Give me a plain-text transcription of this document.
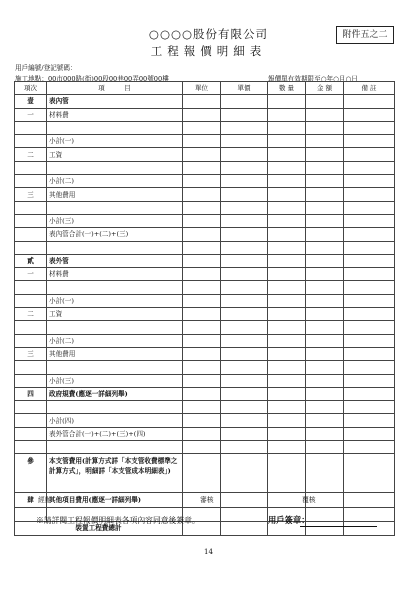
○○○○股份有限公司
工程報價明細表
附件五之二
用戶編號/登記號碼：
施工地點：00市000路(街)00段00巷00弄00號00樓	報價單有效期限至○年○月○日
項次	項　　　目	單位	單價	數 量	金 額	備 註
壹	表內管					
一	材料費					

	小計(一)					
二	工資					

	小計(二)					
三	其他費用					

	小計(三)					
	表內管合計(一)+(二)+(三)					

貳	表外管					
一	材料費					

	小計(一)					
二	工資					

	小計(二)					
三	其他費用					

	小計(三)					
四	政府規費(應逐一詳細列舉)					

	小計(四)					
	表外管合計(一)+(二)+(三)+(四)					

參	本支管費用(計算方式詳「本支管收費標準之計算方式」，明細詳「本支管成本明細表」)					
肆	其他項目費用(應逐一詳細列舉)					

裝置工程費總計						
經辦	審核	覆核
※請詳閱工程報價明細表各項內容同意後簽章。	用戶簽章：
14
